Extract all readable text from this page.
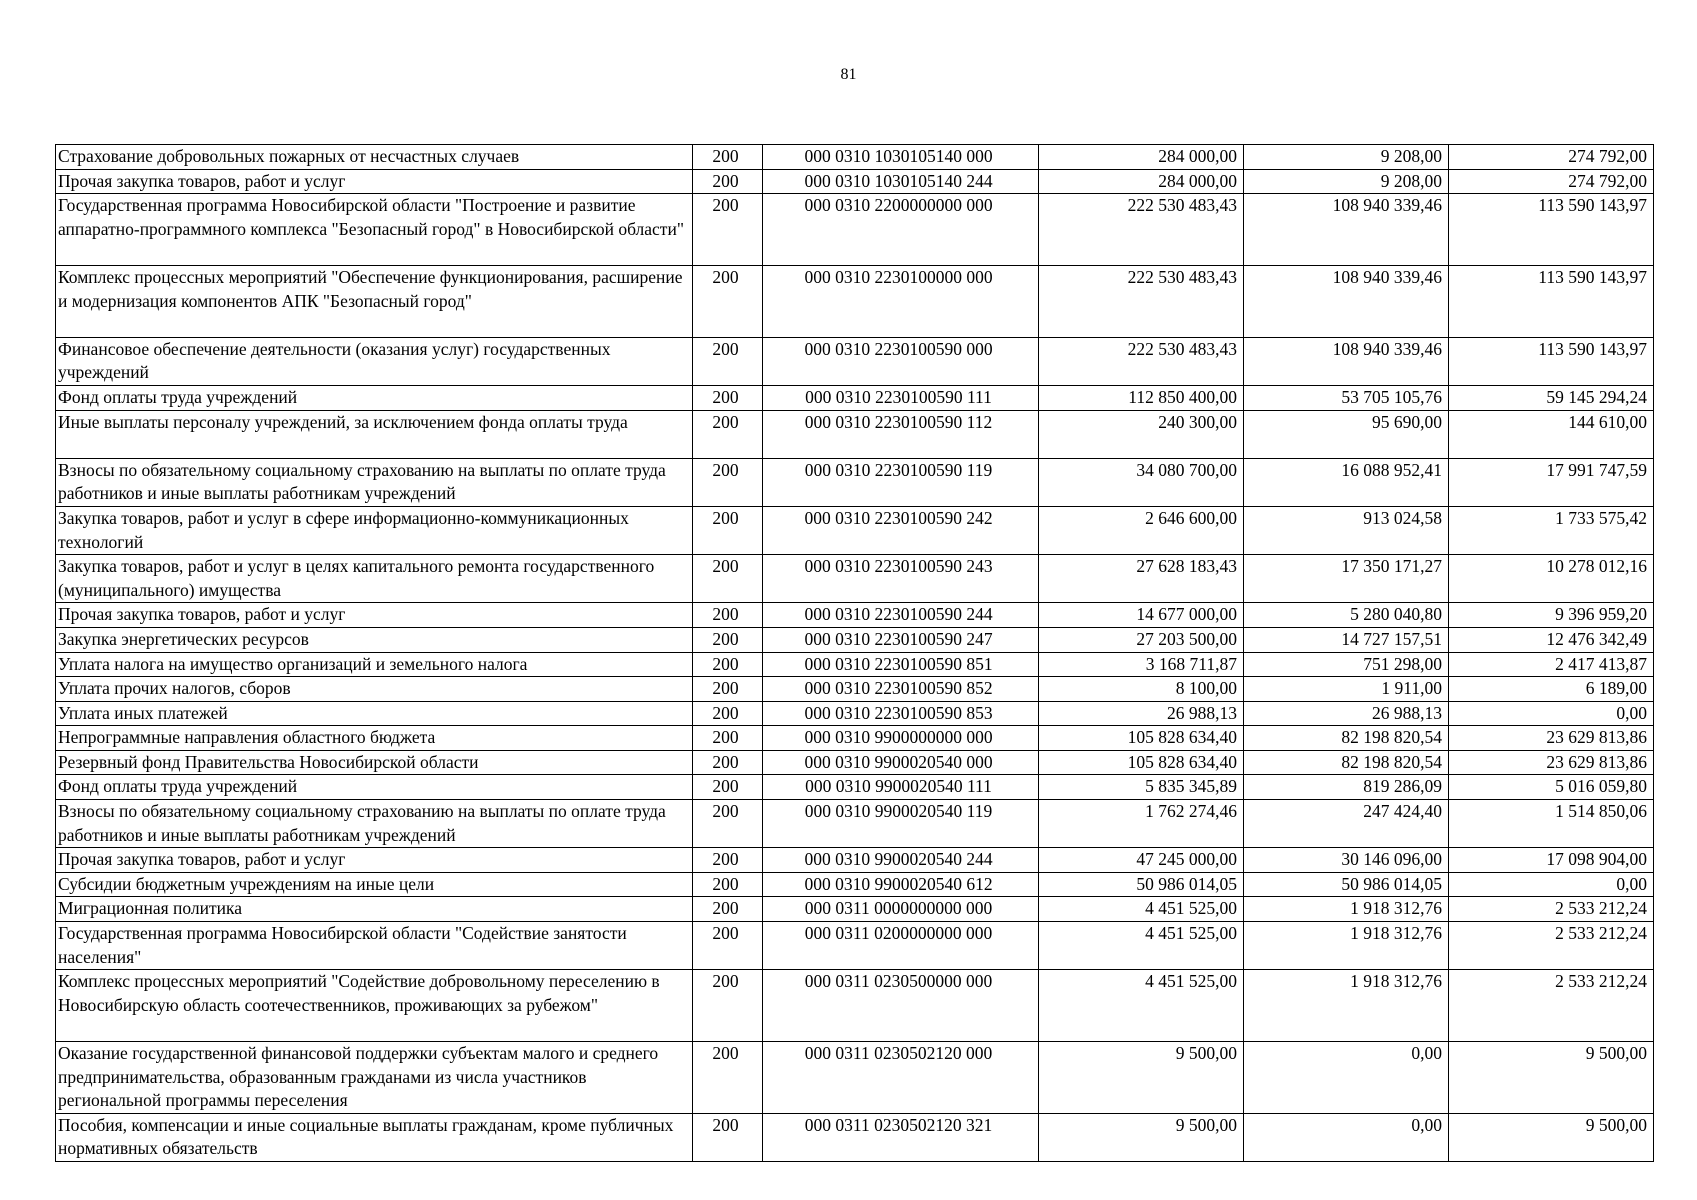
81
Страхование добровольных пожарных от несчастных случаев	200	000 0310 1030105140 000	284 000,00	9 208,00	274 792,00
Прочая закупка товаров, работ и услуг	200	000 0310 1030105140 244	284 000,00	9 208,00	274 792,00
Государственная программа Новосибирской области "Построение и развитие аппаратно-программного комплекса "Безопасный город" в Новосибирской области"	200	000 0310 2200000000 000	222 530 483,43	108 940 339,46	113 590 143,97
Комплекс процессных мероприятий "Обеспечение функционирования, расширение и модернизация компонентов АПК "Безопасный город"	200	000 0310 2230100000 000	222 530 483,43	108 940 339,46	113 590 143,97
Финансовое обеспечение деятельности (оказания услуг) государственных учреждений	200	000 0310 2230100590 000	222 530 483,43	108 940 339,46	113 590 143,97
Фонд оплаты труда учреждений	200	000 0310 2230100590 111	112 850 400,00	53 705 105,76	59 145 294,24
Иные выплаты персоналу учреждений, за исключением фонда оплаты труда	200	000 0310 2230100590 112	240 300,00	95 690,00	144 610,00
Взносы по обязательному социальному страхованию на выплаты по оплате труда работников и иные выплаты работникам учреждений	200	000 0310 2230100590 119	34 080 700,00	16 088 952,41	17 991 747,59
Закупка товаров, работ и услуг в сфере информационно-коммуникационных технологий	200	000 0310 2230100590 242	2 646 600,00	913 024,58	1 733 575,42
Закупка товаров, работ и услуг в целях капитального ремонта государственного (муниципального) имущества	200	000 0310 2230100590 243	27 628 183,43	17 350 171,27	10 278 012,16
Прочая закупка товаров, работ и услуг	200	000 0310 2230100590 244	14 677 000,00	5 280 040,80	9 396 959,20
Закупка энергетических ресурсов	200	000 0310 2230100590 247	27 203 500,00	14 727 157,51	12 476 342,49
Уплата налога на имущество организаций и земельного налога	200	000 0310 2230100590 851	3 168 711,87	751 298,00	2 417 413,87
Уплата прочих налогов, сборов	200	000 0310 2230100590 852	8 100,00	1 911,00	6 189,00
Уплата иных платежей	200	000 0310 2230100590 853	26 988,13	26 988,13	0,00
Непрограммные направления областного бюджета	200	000 0310 9900000000 000	105 828 634,40	82 198 820,54	23 629 813,86
Резервный фонд Правительства Новосибирской области	200	000 0310 9900020540 000	105 828 634,40	82 198 820,54	23 629 813,86
Фонд оплаты труда учреждений	200	000 0310 9900020540 111	5 835 345,89	819 286,09	5 016 059,80
Взносы по обязательному социальному страхованию на выплаты по оплате труда работников и иные выплаты работникам учреждений	200	000 0310 9900020540 119	1 762 274,46	247 424,40	1 514 850,06
Прочая закупка товаров, работ и услуг	200	000 0310 9900020540 244	47 245 000,00	30 146 096,00	17 098 904,00
Субсидии бюджетным учреждениям на иные цели	200	000 0310 9900020540 612	50 986 014,05	50 986 014,05	0,00
Миграционная политика	200	000 0311 0000000000 000	4 451 525,00	1 918 312,76	2 533 212,24
Государственная программа Новосибирской области "Содействие занятости населения"	200	000 0311 0200000000 000	4 451 525,00	1 918 312,76	2 533 212,24
Комплекс процессных мероприятий "Содействие добровольному переселению в Новосибирскую область соотечественников, проживающих за рубежом"	200	000 0311 0230500000 000	4 451 525,00	1 918 312,76	2 533 212,24
Оказание государственной финансовой поддержки субъектам малого и среднего предпринимательства, образованным гражданами из числа участников региональной программы переселения	200	000 0311 0230502120 000	9 500,00	0,00	9 500,00
Пособия, компенсации и иные социальные выплаты гражданам, кроме публичных нормативных обязательств	200	000 0311 0230502120 321	9 500,00	0,00	9 500,00
